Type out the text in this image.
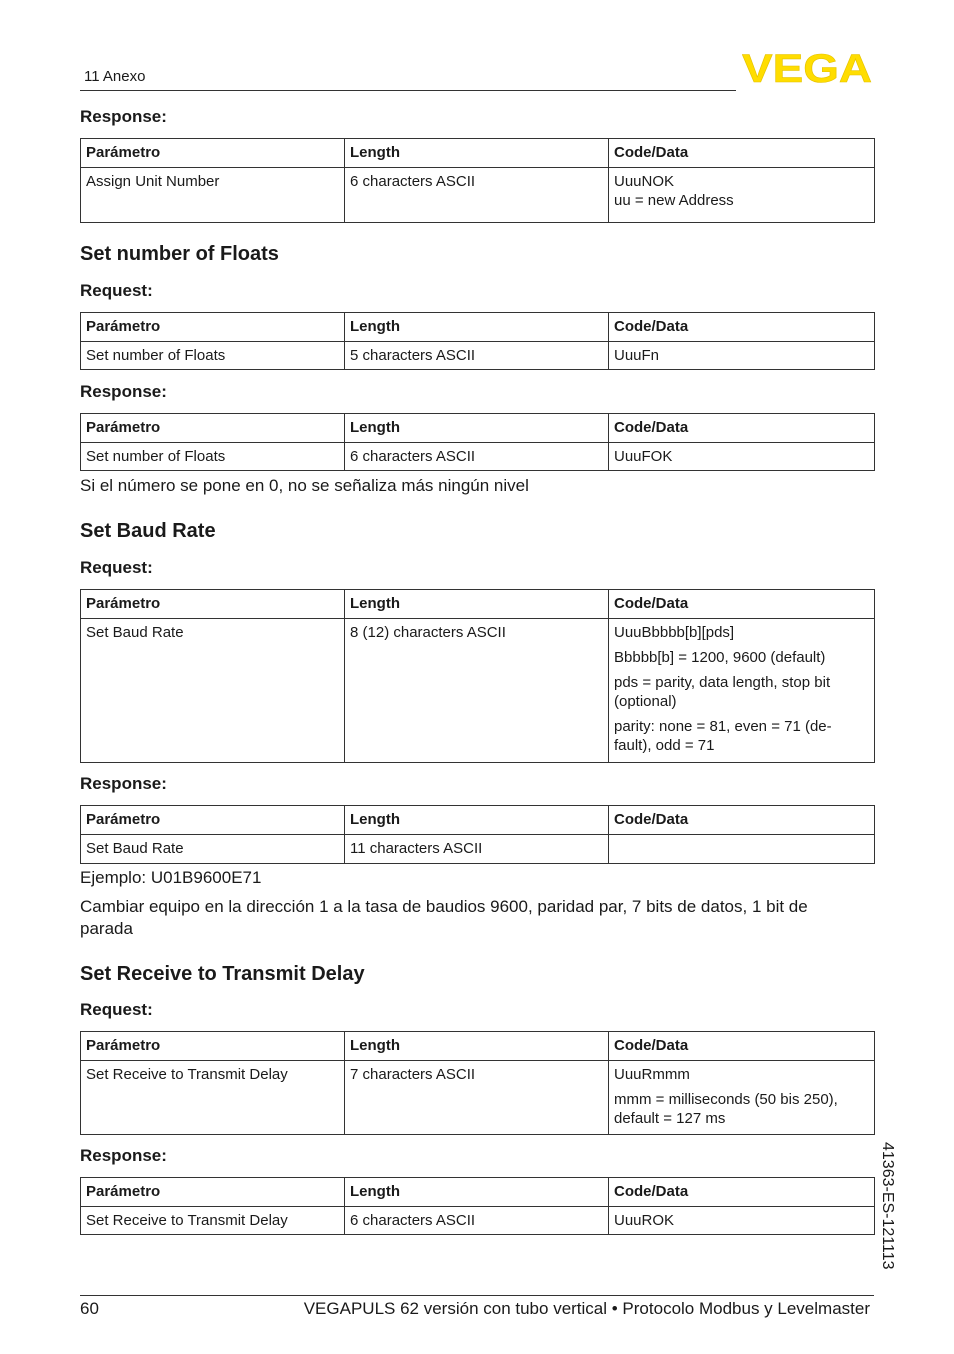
11 Anexo	VEGA
Response:
Parámetro	Length	Code/Data
Assign Unit Number	6 characters ASCII	UuuNOK
uu = new Address
Set number of Floats
Request:
Parámetro	Length	Code/Data
Set number of Floats	5 characters ASCII	UuuFn
Response:
Parámetro	Length	Code/Data
Set number of Floats	6 characters ASCII	UuuFOK
Si el número se pone en 0, no se señaliza más ningún nivel
Set Baud Rate
Request:
Parámetro	Length	Code/Data
Set Baud Rate	8 (12) characters ASCII	UuuBbbbb[b][pds]
Bbbbb[b] = 1200, 9600 (default)
pds = parity, data length, stop bit (optional)
parity: none = 81, even = 71 (de-fault), odd = 71
Response:
Parámetro	Length	Code/Data
Set Baud Rate	11 characters ASCII	
Ejemplo: U01B9600E71
Cambiar equipo en la dirección 1 a la tasa de baudios 9600, paridad par, 7 bits de datos, 1 bit de parada
Set Receive to Transmit Delay
Request:
Parámetro	Length	Code/Data
Set Receive to Transmit Delay	7 characters ASCII	UuuRmmm
mmm = milliseconds (50 bis 250), default = 127 ms
Response:
Parámetro	Length	Code/Data
Set Receive to Transmit Delay	6 characters ASCII	UuuROK	41363-ES-121113
60	VEGAPULS 62 versión con tubo vertical • Protocolo Modbus y Levelmaster
